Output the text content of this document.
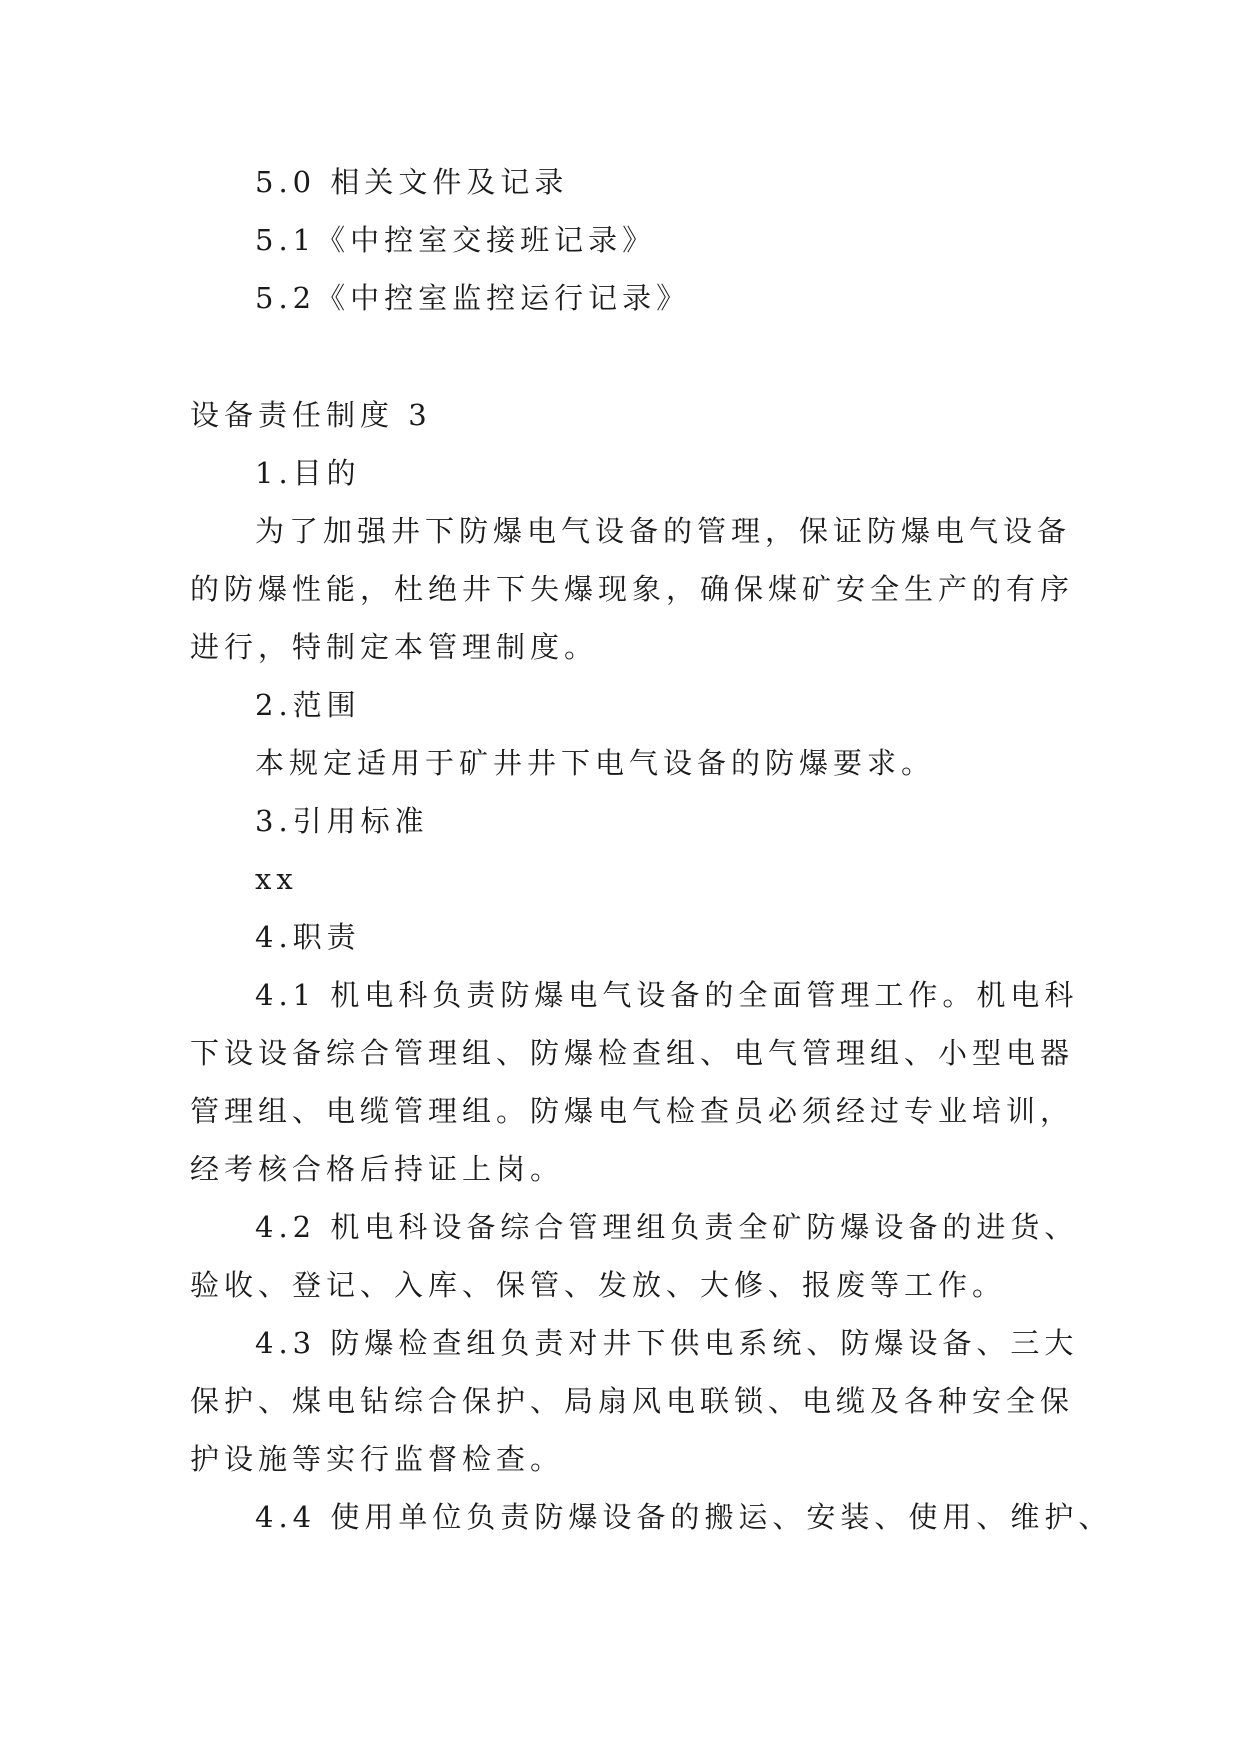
5.0 相关文件及记录
5.1《中控室交接班记录》
5.2《中控室监控运行记录》
设备责任制度 3
1.目的
为了加强井下防爆电气设备的管理，保证防爆电气设备
的防爆性能，杜绝井下失爆现象，确保煤矿安全生产的有序
进行，特制定本管理制度。
2.范围
本规定适用于矿井井下电气设备的防爆要求。
3.引用标准
xx
4.职责
4.1 机电科负责防爆电气设备的全面管理工作。机电科
下设设备综合管理组、防爆检查组、电气管理组、小型电器
管理组、电缆管理组。防爆电气检查员必须经过专业培训，
经考核合格后持证上岗。
4.2 机电科设备综合管理组负责全矿防爆设备的进货、
验收、登记、入库、保管、发放、大修、报废等工作。
4.3 防爆检查组负责对井下供电系统、防爆设备、三大
保护、煤电钻综合保护、局扇风电联锁、电缆及各种安全保
护设施等实行监督检查。
4.4 使用单位负责防爆设备的搬运、安装、使用、维护、
